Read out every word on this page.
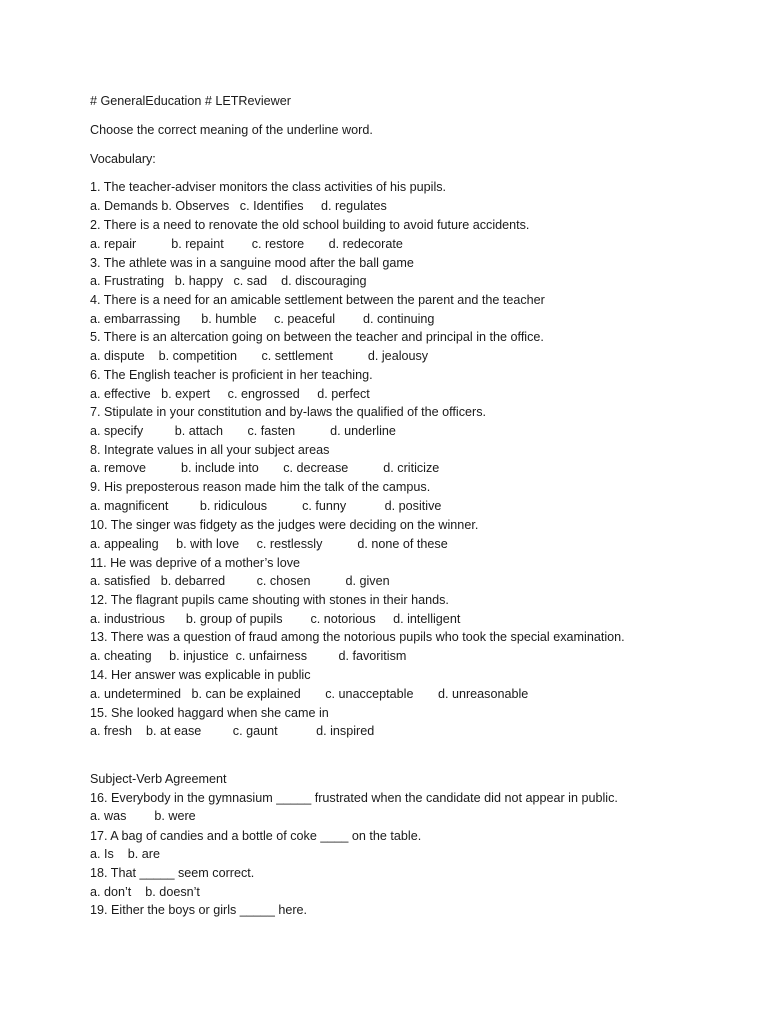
# GeneralEducation # LETReviewer
Choose the correct meaning of the underline word.
Vocabulary:
1. The teacher-adviser monitors the class activities of his pupils.
a. Demands b. Observes   c. Identifies     d. regulates
2. There is a need to renovate the old school building to avoid future accidents.
a. repair          b. repaint        c. restore       d. redecorate
3. The athlete was in a sanguine mood after the ball game
a. Frustrating   b. happy   c. sad    d. discouraging
4. There is a need for an amicable settlement between the parent and the teacher
a. embarrassing      b. humble     c. peaceful        d. continuing
5. There is an altercation going on between the teacher and principal in the office.
a. dispute    b. competition       c. settlement          d. jealousy
6. The English teacher is proficient in her teaching.
a. effective   b. expert     c. engrossed     d. perfect
7. Stipulate in your constitution and by-laws the qualified of the officers.
a. specify         b. attach       c. fasten          d. underline
8. Integrate values in all your subject areas
a. remove          b. include into       c. decrease          d. criticize
9. His preposterous reason made him the talk of the campus.
a. magnificent         b. ridiculous          c. funny           d. positive
10. The singer was fidgety as the judges were deciding on the winner.
a. appealing     b. with love     c. restlessly          d. none of these
11. He was deprive of a mother’s love
a. satisfied   b. debarred         c. chosen          d. given
12. The flagrant pupils came shouting with stones in their hands.
a. industrious      b. group of pupils        c. notorious     d. intelligent
13. There was a question of fraud among the notorious pupils who took the special examination.
a. cheating     b. injustice  c. unfairness         d. favoritism
14. Her answer was explicable in public
a. undetermined   b. can be explained       c. unacceptable       d. unreasonable
15. She looked haggard when she came in
a. fresh    b. at ease         c. gaunt           d. inspired
Subject-Verb Agreement
16. Everybody in the gymnasium _____ frustrated when the candidate did not appear in public.
a. was        b. were
17. A bag of candies and a bottle of coke ____ on the table.
a. Is    b. are
18. That _____ seem correct.
a. don’t    b. doesn’t
19. Either the boys or girls _____ here.
